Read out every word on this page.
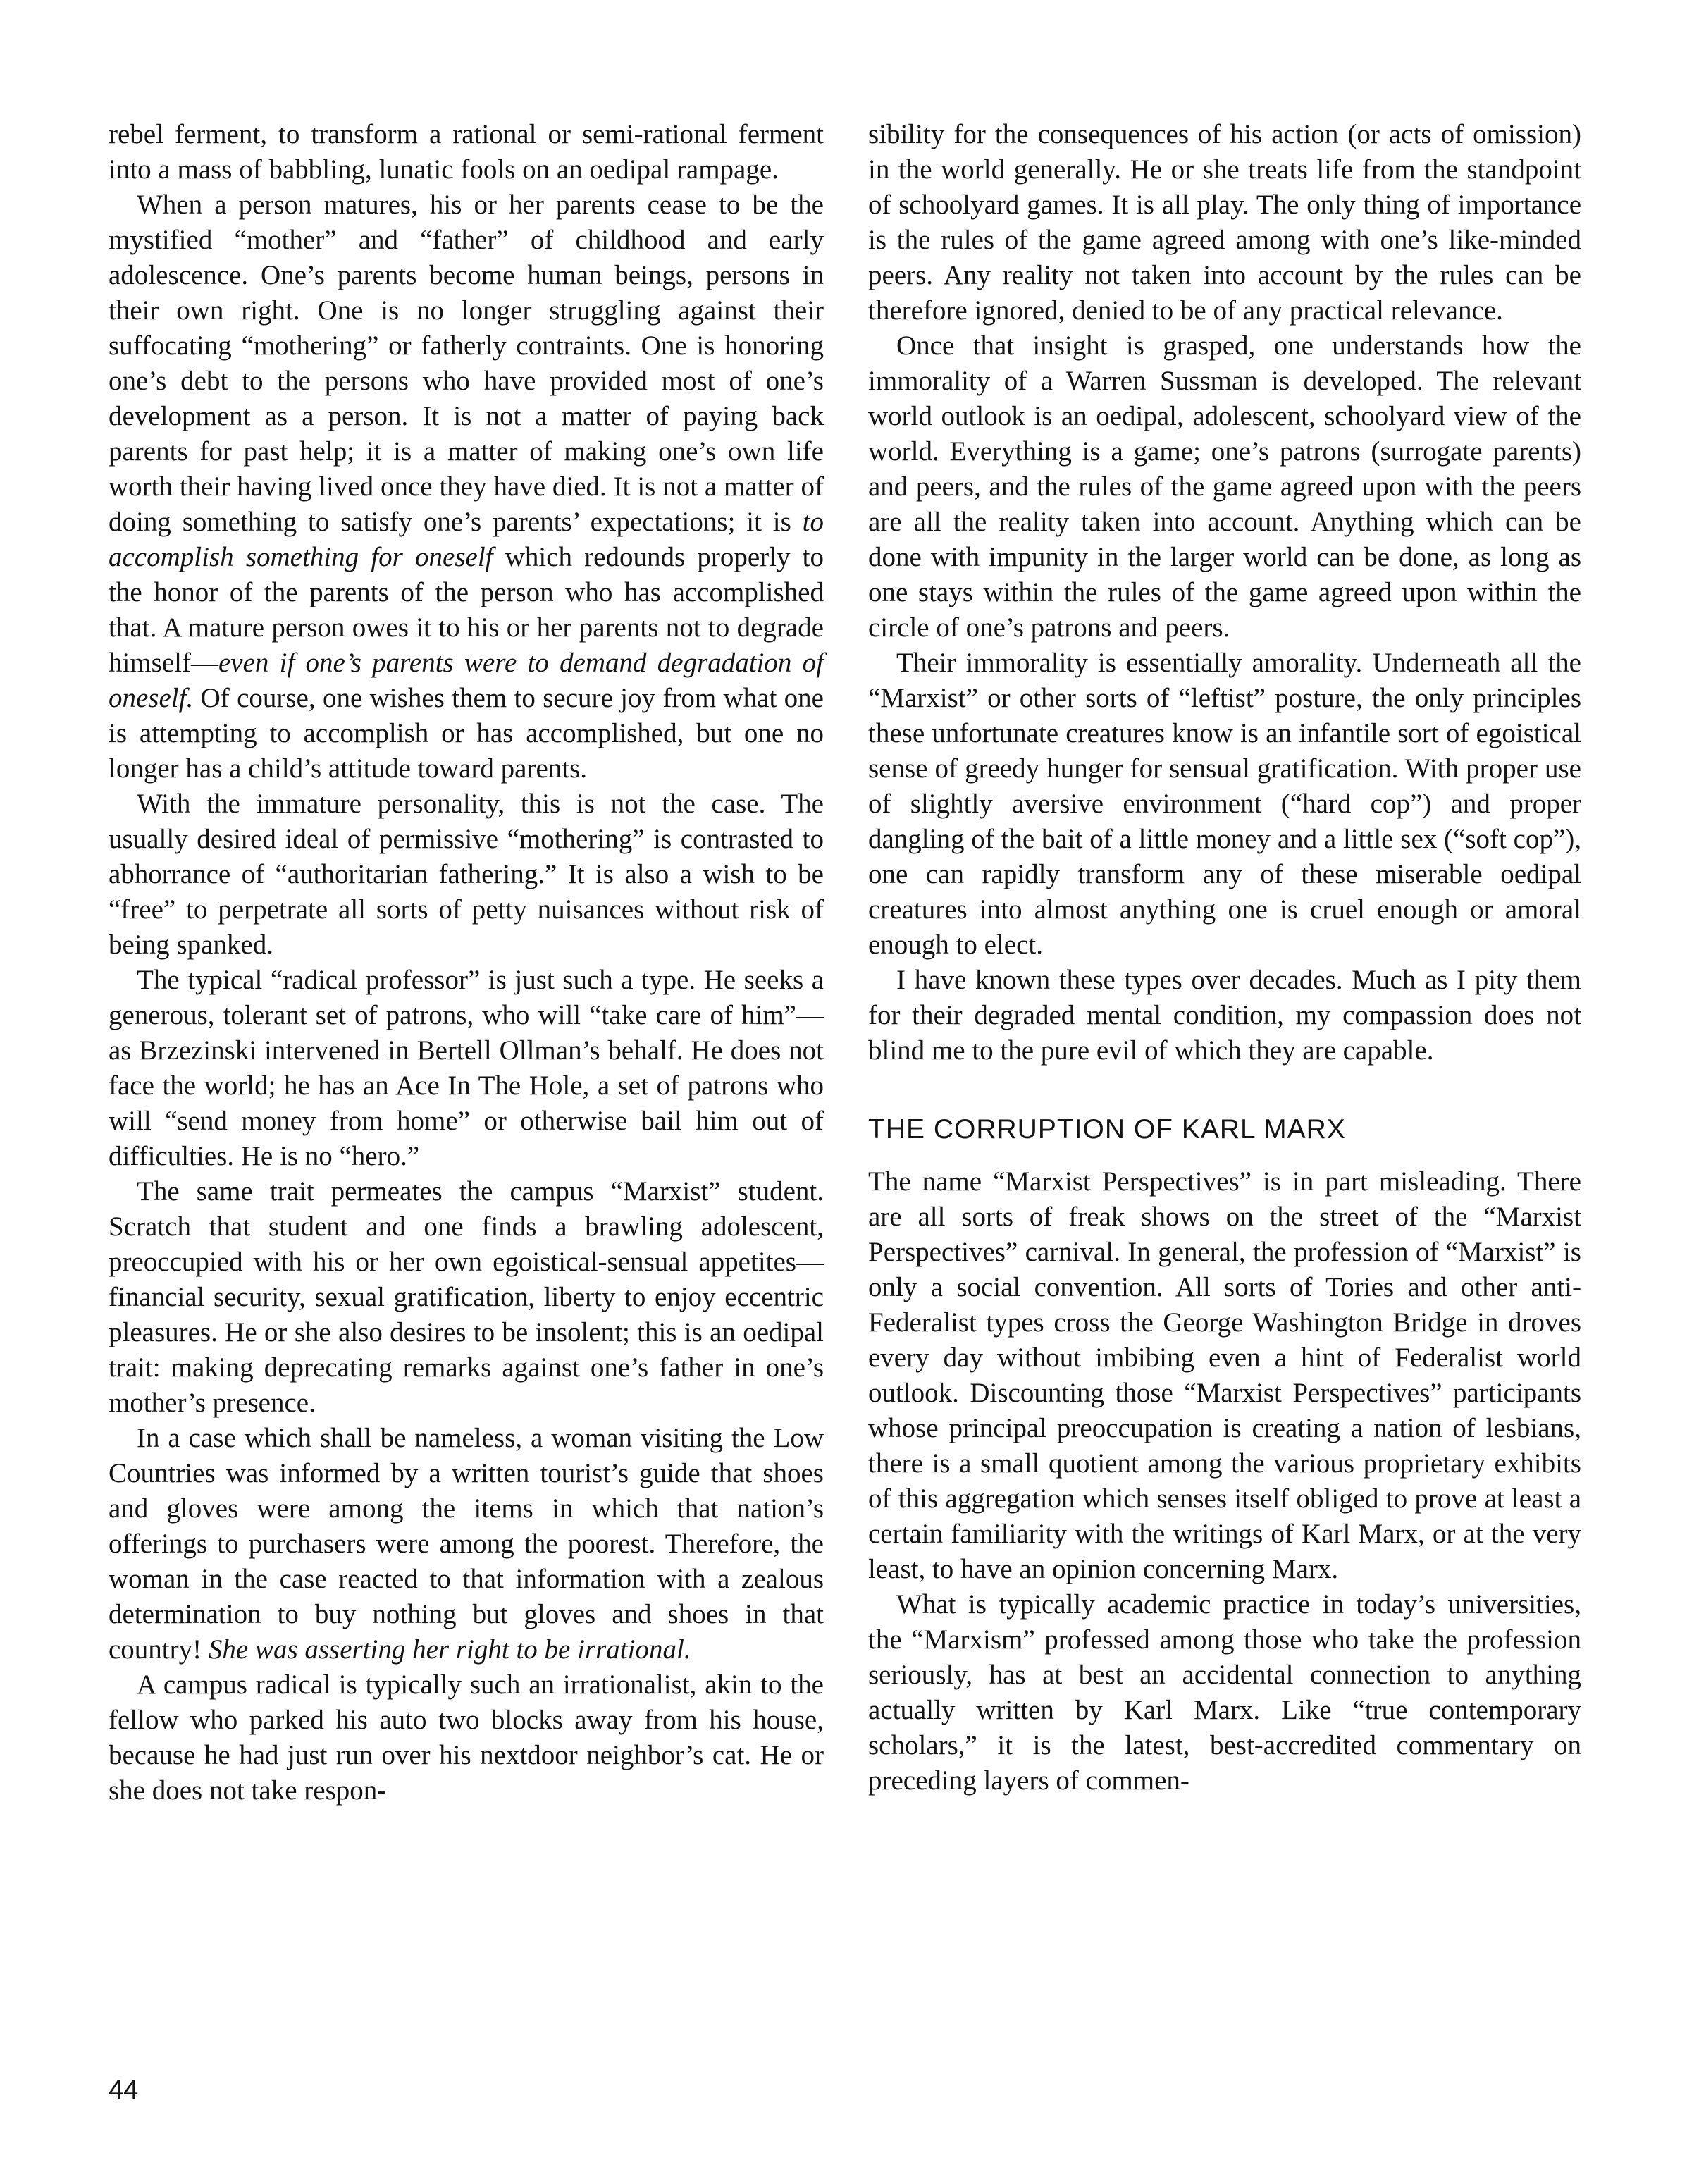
rebel ferment, to transform a rational or semi-rational ferment into a mass of babbling, lunatic fools on an oedipal rampage.

When a person matures, his or her parents cease to be the mystified “mother” and “father” of childhood and early adolescence. One’s parents become human beings, persons in their own right. One is no longer struggling against their suffocating “mothering” or fatherly contraints. One is honoring one’s debt to the persons who have provided most of one’s development as a person. It is not a matter of paying back parents for past help; it is a matter of making one’s own life worth their having lived once they have died. It is not a matter of doing something to satisfy one’s parents’ expectations; it is to accomplish something for oneself which redounds properly to the honor of the parents of the person who has accomplished that. A mature person owes it to his or her parents not to degrade himself—even if one’s parents were to demand degradation of oneself. Of course, one wishes them to secure joy from what one is attempting to accomplish or has accomplished, but one no longer has a child’s attitude toward parents.

With the immature personality, this is not the case. The usually desired ideal of permissive “mothering” is contrasted to abhorrance of “authoritarian fathering.” It is also a wish to be “free” to perpetrate all sorts of petty nuisances without risk of being spanked.

The typical “radical professor” is just such a type. He seeks a generous, tolerant set of patrons, who will “take care of him”—as Brzezinski intervened in Bertell Ollman’s behalf. He does not face the world; he has an Ace In The Hole, a set of patrons who will “send money from home” or otherwise bail him out of difficulties. He is no “hero.”

The same trait permeates the campus “Marxist” student. Scratch that student and one finds a brawling adolescent, preoccupied with his or her own egoistical-sensual appetites—financial security, sexual gratification, liberty to enjoy eccentric pleasures. He or she also desires to be insolent; this is an oedipal trait: making deprecating remarks against one’s father in one’s mother’s presence.

In a case which shall be nameless, a woman visiting the Low Countries was informed by a written tourist’s guide that shoes and gloves were among the items in which that nation’s offerings to purchasers were among the poorest. Therefore, the woman in the case reacted to that information with a zealous determination to buy nothing but gloves and shoes in that country! She was asserting her right to be irrational.

A campus radical is typically such an irrationalist, akin to the fellow who parked his auto two blocks away from his house, because he had just run over his nextdoor neighbor’s cat. He or she does not take respon-

sibility for the consequences of his action (or acts of omission) in the world generally. He or she treats life from the standpoint of schoolyard games. It is all play. The only thing of importance is the rules of the game agreed among with one’s like-minded peers. Any reality not taken into account by the rules can be therefore ignored, denied to be of any practical relevance.

Once that insight is grasped, one understands how the immorality of a Warren Sussman is developed. The relevant world outlook is an oedipal, adolescent, schoolyard view of the world. Everything is a game; one’s patrons (surrogate parents) and peers, and the rules of the game agreed upon with the peers are all the reality taken into account. Anything which can be done with impunity in the larger world can be done, as long as one stays within the rules of the game agreed upon within the circle of one’s patrons and peers.

Their immorality is essentially amorality. Underneath all the “Marxist” or other sorts of “leftist” posture, the only principles these unfortunate creatures know is an infantile sort of egoistical sense of greedy hunger for sensual gratification. With proper use of slightly aversive environment (“hard cop”) and proper dangling of the bait of a little money and a little sex (“soft cop”), one can rapidly transform any of these miserable oedipal creatures into almost anything one is cruel enough or amoral enough to elect.

I have known these types over decades. Much as I pity them for their degraded mental condition, my compassion does not blind me to the pure evil of which they are capable.

THE CORRUPTION OF KARL MARX

The name “Marxist Perspectives” is in part misleading. There are all sorts of freak shows on the street of the “Marxist Perspectives” carnival. In general, the profession of “Marxist” is only a social convention. All sorts of Tories and other anti-Federalist types cross the George Washington Bridge in droves every day without imbibing even a hint of Federalist world outlook. Discounting those “Marxist Perspectives” participants whose principal preoccupation is creating a nation of lesbians, there is a small quotient among the various proprietary exhibits of this aggregation which senses itself obliged to prove at least a certain familiarity with the writings of Karl Marx, or at the very least, to have an opinion concerning Marx.

What is typically academic practice in today’s universities, the “Marxism” professed among those who take the profession seriously, has at best an accidental connection to anything actually written by Karl Marx. Like “true contemporary scholars,” it is the latest, best-accredited commentary on preceding layers of commen-

44
